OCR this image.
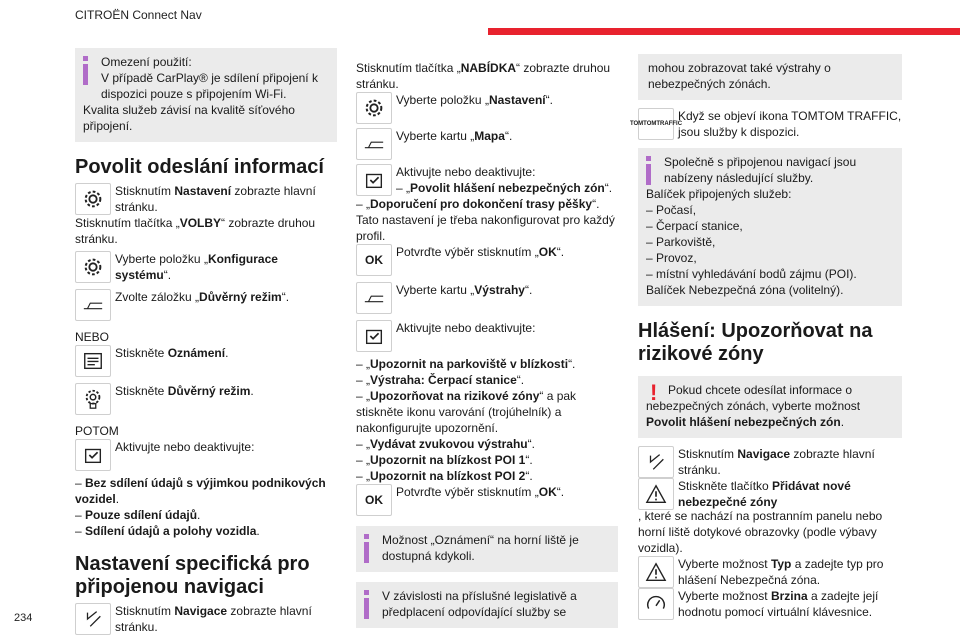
CITROËN Connect Nav
234
Omezení použití:
V případě CarPlay® je sdílení připojení k dispozici pouze s připojením Wi-Fi.
Kvalita služeb závisí na kvalitě síťového připojení.
Povolit odeslání informací

Stisknutím Nastavení zobrazte hlavní stránku.

Stisknutím tlačítka „VOLBY“ zobrazte druhou stránku.

Vyberte položku „Konfigurace systému“.

Zvolte záložku „Důvěrný režim“.

NEBO

Stiskněte Oznámení.

Stiskněte Důvěrný režim.

POTOM

Aktivujte nebo deaktivujte:

– Bez sdílení údajů s výjimkou podnikových vozidel.

– Pouze sdílení údajů.

– Sdílení údajů a polohy vozidla.

Nastavení specifická pro připojenou navigaci

Stisknutím Navigace zobrazte hlavní stránku.

Stisknutím tlačítka „NABÍDKA“ zobrazte druhou stránku.

Vyberte položku „Nastavení“.

Vyberte kartu „Mapa“.

Aktivujte nebo deaktivujte:

– „Povolit hlášení nebezpečných zón“.

– „Doporučení pro dokončení trasy pěšky“.

Tato nastavení je třeba nakonfigurovat pro každý profil.

OK

Potvrďte výběr stisknutím „OK“.

Vyberte kartu „Výstrahy“.

Aktivujte nebo deaktivujte:

– „Upozornit na parkoviště v blízkosti“.

– „Výstraha: Čerpací stanice“.

– „Upozorňovat na rizikové zóny“ a pak stiskněte ikonu varování (trojúhelník) a nakonfigurujte upozornění.

– „Vydávat zvukovou výstrahu“.

– „Upozornit na blízkost POI 1“.

– „Upozornit na blízkost POI 2“.

OK

Potvrďte výběr stisknutím „OK“.

Možnost „Oznámení“ na horní liště je dostupná kdykoli.
V závislosti na příslušné legislativě a předplacení odpovídající služby se
mohou zobrazovat také výstrahy o nebezpečných zónách.
TOMTOM TRAFFIC

Když se objeví ikona TOMTOM TRAFFIC, jsou služby k dispozici.

Společně s připojenou navigací jsou nabízeny následující služby.
Balíček připojených služeb:
– Počasí,
– Čerpací stanice,
– Parkoviště,
– Provoz,
– místní vyhledávání bodů zájmu (POI).
Balíček Nebezpečná zóna (volitelný).
Hlášení: Upozorňovat na rizikové zóny
! Pokud chcete odesílat informace o nebezpečných zónách, vyberte možnost Povolit hlášení nebezpečných zón.

Stisknutím Navigace zobrazte hlavní stránku.

Stiskněte tlačítko Přidávat nové nebezpečné zóny

, které se nachází na postranním panelu nebo horní liště dotykové obrazovky (podle výbavy vozidla).

Vyberte možnost Typ a zadejte typ pro hlášení Nebezpečná zóna.

Vyberte možnost Brzina a zadejte její hodnotu pomocí virtuální klávesnice.
